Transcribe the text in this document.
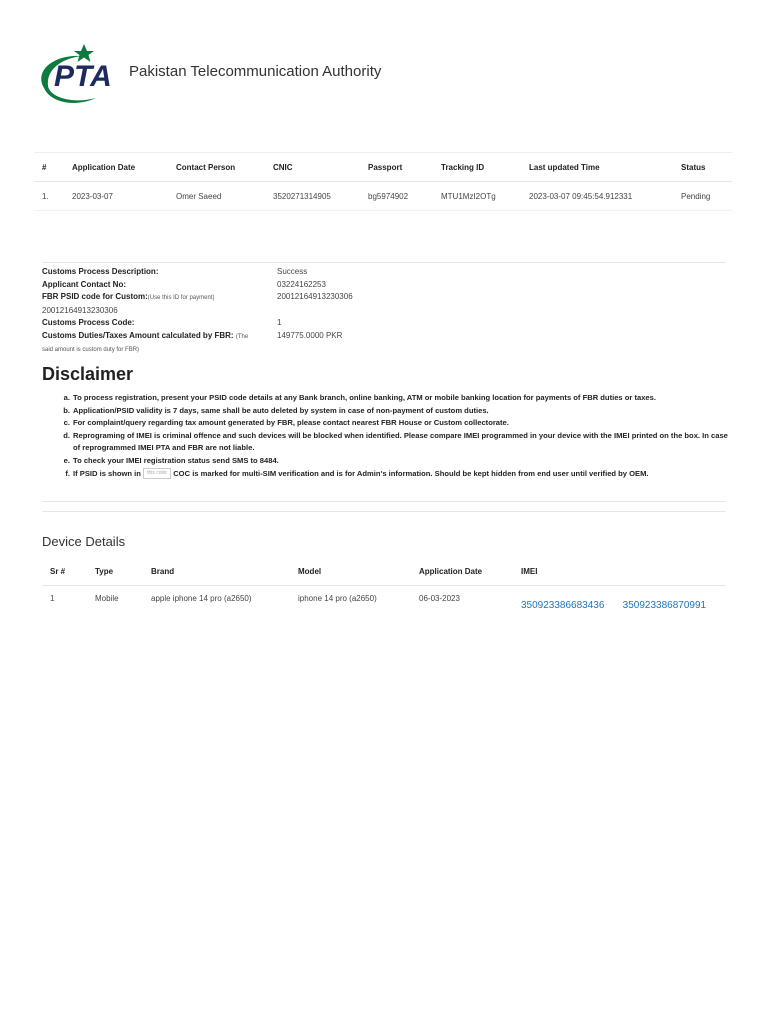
PTA Pakistan Telecommunication Authority
#	Application Date	Contact Person	CNIC	Passport	Tracking ID	Last updated Time	Status
1.	2023-03-07	Omer Saeed	3520271314905	bg5974902	MTU1MzI2OTg	2023-03-07 09:45:54.912331	Pending
Customs Process Description:	Success
Applicant Contact No:	03224162253
FBR PSID code for Custom:(Use this ID for payment)	20012164913230306
20012164913230306
Customs Process Code:	1
Customs Duties/Taxes Amount calculated by FBR: (The	149775.0000 PKR
said amount is custom duty for FBR)
Disclaimer
a. To process registration, present your PSID code details at any Bank branch, online banking, ATM or mobile banking location for payments of FBR duties or taxes.
b. Application/PSID validity is 7 days, same shall be auto deleted by system in case of non-payment of custom duties.
c. For complaint/query regarding tax amount generated by FBR, please contact nearest FBR House or Custom collectorate.
d. Reprograming of IMEI is criminal offence and such devices will be blocked when identified. Please compare IMEI programmed in your device with the IMEI printed on the box. In case of reprogrammed IMEI PTA and FBR are not liable.
e. To check your IMEI registration status send SMS to 8484.
f. If PSID is shown in this color COC is marked for multi-SIM verification and is for Admin's information. Should be kept hidden from end user until verified by OEM.
Device Details
Sr #	Type	Brand	Model	Application Date	IMEI
1	Mobile	apple iphone 14 pro (a2650)	iphone 14 pro (a2650)	06-03-2023	350923386683436 350923386870991
